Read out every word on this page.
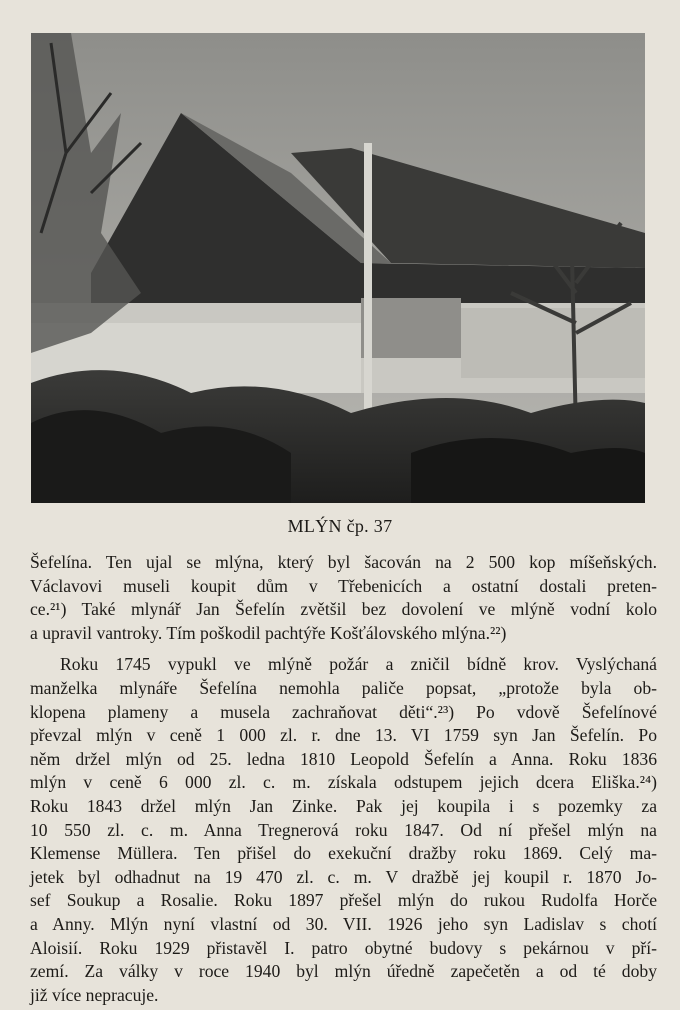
MLÝN čp. 37
Šefelína. Ten ujal se mlýna, který byl šacován na 2 500 kop míšeňských.
Václavovi museli koupit dům v Třebenicích a ostatní dostali preten-
ce.²¹) Také mlynář Jan Šefelín zvětšil bez dovolení ve mlýně vodní kolo
a upravil vantroky. Tím poškodil pachtýře Košťálovského mlýna.²²)
Roku 1745 vypukl ve mlýně požár a zničil bídně krov. Vyslýchaná
manželka mlynáře Šefelína nemohla paliče popsat, „protože byla ob-
klopena plameny a musela zachraňovat děti“.²³) Po vdově Šefelínové
převzal mlýn v ceně 1 000 zl. r. dne 13. VI 1759 syn Jan Šefelín. Po
něm držel mlýn od 25. ledna 1810 Leopold Šefelín a Anna. Roku 1836
mlýn v ceně 6 000 zl. c. m. získala odstupem jejich dcera Eliška.²⁴)
Roku 1843 držel mlýn Jan Zinke. Pak jej koupila i s pozemky za
10 550 zl. c. m. Anna Tregnerová roku 1847. Od ní přešel mlýn na
Klemense Müllera. Ten přišel do exekuční dražby roku 1869. Celý ma-
jetek byl odhadnut na 19 470 zl. c. m. V dražbě jej koupil r. 1870 Jo-
sef Soukup a Rosalie. Roku 1897 přešel mlýn do rukou Rudolfa Horče
a Anny. Mlýn nyní vlastní od 30. VII. 1926 jeho syn Ladislav s chotí
Aloisií. Roku 1929 přistavěl I. patro obytné budovy s pekárnou v pří-
zemí. Za války v roce 1940 byl mlýn úředně zapečetěn a od té doby
již více nepracuje.
